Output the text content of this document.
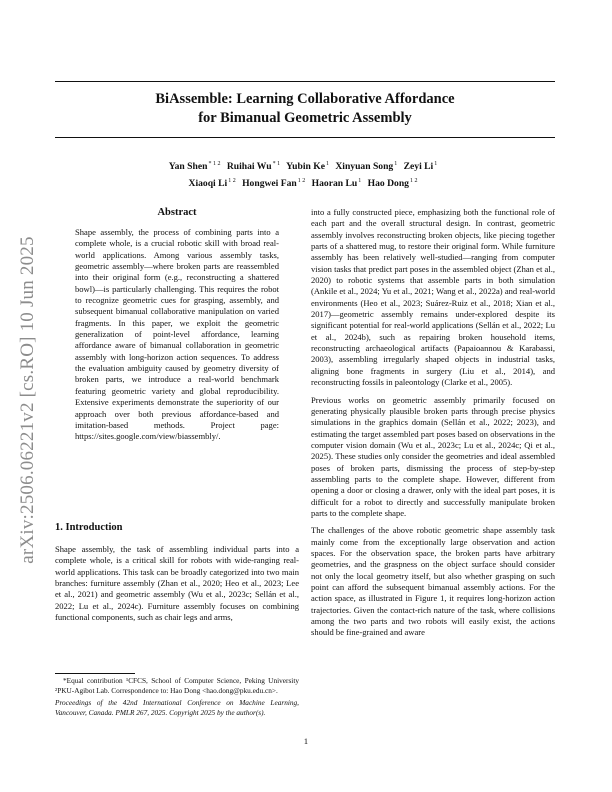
arXiv:2506.06221v2 [cs.RO] 10 Jun 2025
BiAssemble: Learning Collaborative Affordance
for Bimanual Geometric Assembly
Yan Shen$^{* 1 2}$ Ruihai Wu$^{* 1}$ Yubin Ke$^1$ Xinyuan Song$^1$ Zeyi Li$^1$
Xiaoqi $Li^{1 2}$ Hongwei Fan$^{1 2}$ Haoran Lu$^1$ Hao Dong$^{1 2}$
Abstract
Shape assembly, the process of combining parts into a complete whole, is a crucial robotic skill with broad real-world applications. Among various assembly tasks, geometric assembly—where broken parts are reassembled into their original form (e.g., reconstructing a shattered bowl)—is particularly challenging. This requires the robot to recognize geometric cues for grasping, assembly, and subsequent bimanual collaborative manipulation on varied fragments. In this paper, we exploit the geometric generalization of point-level affordance, learning affordance aware of bimanual collaboration in geometric assembly with long-horizon action sequences. To address the evaluation ambiguity caused by geometry diversity of broken parts, we introduce a real-world benchmark featuring geometric variety and global reproducibility. Extensive experiments demonstrate the superiority of our approach over both previous affordance-based and imitation-based methods. Project page: https://sites.google.com/view/biassembly/.
1. Introduction

Shape assembly, the task of assembling individual parts into a complete whole, is a critical skill for robots with wide-ranging real-world applications. This task can be broadly categorized into two main branches: furniture assembly (Zhan et al., 2020; Heo et al., 2023; Lee et al., 2021) and geometric assembly (Wu et al., 2023c; Sellán et al., 2022; Lu et al., 2024c). Furniture assembly focuses on combining functional components, such as chair legs and arms,

*Equal contribution ¹CFCS, School of Computer Science, Peking University ²PKU-Agibot Lab. Correspondence to: Hao Dong <hao.dong@pku.edu.cn>.

Proceedings of the 42nd International Conference on Machine Learning, Vancouver, Canada. PMLR 267, 2025. Copyright 2025 by the author(s).

into a fully constructed piece, emphasizing both the functional role of each part and the overall structural design. In contrast, geometric assembly involves reconstructing broken objects, like piecing together parts of a shattered mug, to restore their original form. While furniture assembly has been relatively well-studied—ranging from computer vision tasks that predict part poses in the assembled object (Zhan et al., 2020) to robotic systems that assemble parts in both simulation (Ankile et al., 2024; Yu et al., 2021; Wang et al., 2022a) and real-world environments (Heo et al., 2023; Suárez-Ruiz et al., 2018; Xian et al., 2017)—geometric assembly remains under-explored despite its significant potential for real-world applications (Sellán et al., 2022; Lu et al., 2024b), such as repairing broken household items, reconstructing archaeological artifacts (Papaioannou & Karabassi, 2003), assembling irregularly shaped objects in industrial tasks, aligning bone fragments in surgery (Liu et al., 2014), and reconstructing fossils in paleontology (Clarke et al., 2005).

Previous works on geometric assembly primarily focused on generating physically plausible broken parts through precise physics simulations in the graphics domain (Sellán et al., 2022; 2023), and estimating the target assembled part poses based on observations in the computer vision domain (Wu et al., 2023c; Lu et al., 2024c; Qi et al., 2025). These studies only consider the geometries and ideal assembled poses of broken parts, dismissing the process of step-by-step assembling parts to the complete shape. However, different from opening a door or closing a drawer, only with the ideal part poses, it is difficult for a robot to directly and successfully manipulate broken parts to the complete shape.

The challenges of the above robotic geometric shape assembly task mainly come from the exceptionally large observation and action spaces. For the observation space, the broken parts have arbitrary geometries, and the graspness on the object surface should consider not only the local geometry itself, but also whether grasping on such point can afford the subsequent bimanual assembly actions. For the action space, as illustrated in Figure 1, it requires long-horizon action trajectories. Given the contact-rich nature of the task, where collisions among the two parts and two robots will easily exist, the actions should be fine-grained and aware

1
